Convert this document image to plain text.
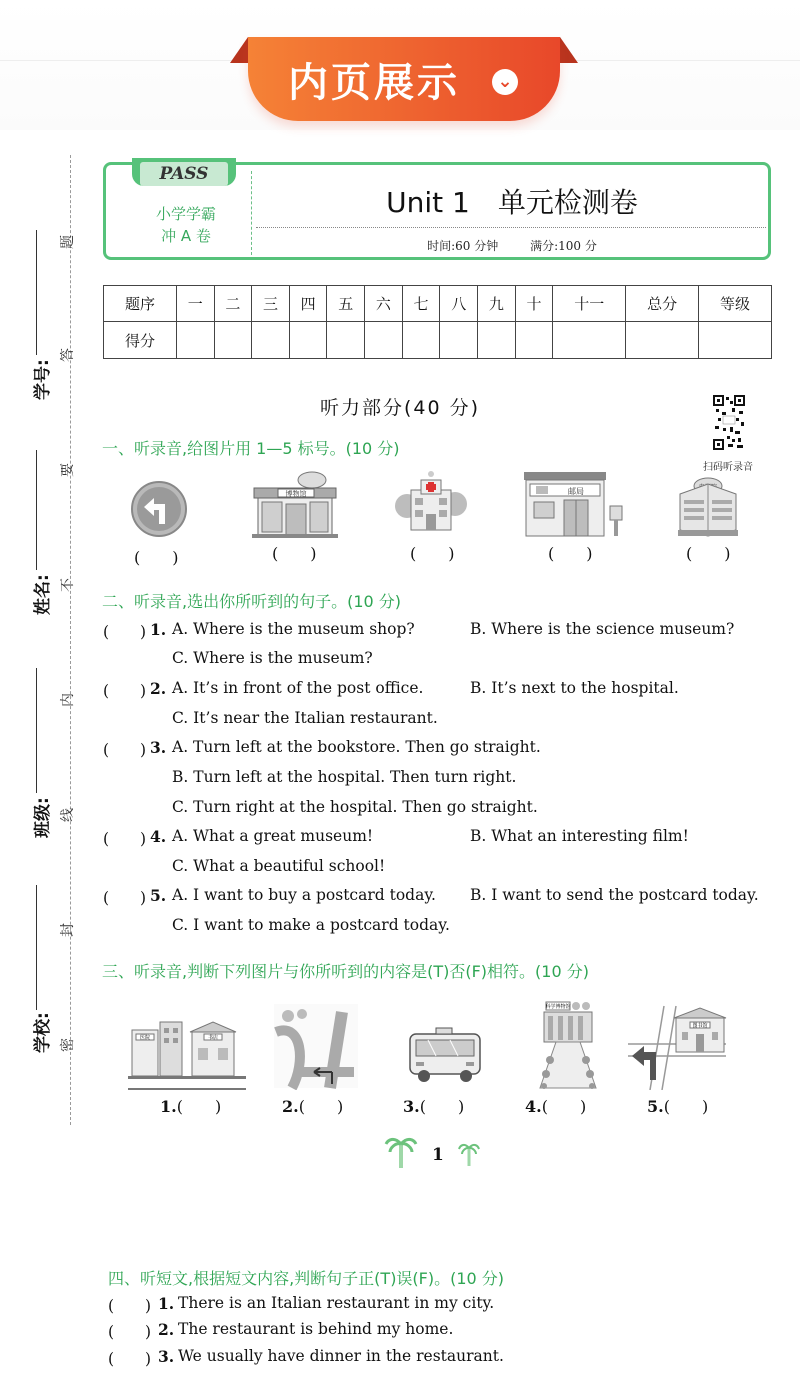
内页展示	⌄
题
答
要
不
内
线
封
密
学号:
姓名:
班级:
学校:
PASS
小学学霸
冲 A 卷
Unit 1　单元检测卷
时间:60 分钟	满分:100 分
题序	一	二	三	四	五	六	七	八	九	十	十一	总分	等级
得分													
听力部分(40 分)
扫码听录音
一、听录音,给图片用 1—5 标号。(10 分)
博物馆	邮局
(　　)	(　　)	(　　)	(　　)	(　　)
二、听录音,选出你所听到的句子。(10 分)
(　　) 1. A. Where is the museum shop?	B. Where is the science museum?
C. Where is the museum?
(　　) 2. A. It’s in front of the post office.	B. It’s next to the hospital.
C. It’s near the Italian restaurant.
(　　) 3. A. Turn left at the bookstore. Then go straight.
B. Turn left at the hospital. Then turn right.
C. Turn right at the hospital. Then go straight.
(　　) 4. A. What a great museum!	B. What an interesting film!
C. What a beautiful school!
(　　) 5. A. I want to buy a postcard today. B. I want to send the postcard today.
C. I want to make a postcard today.
三、听录音,判断下列图片与你所听到的内容是(T)否(F)相符。(10 分)
医院	书店
科学博物馆
图书馆
1.(　　)	2.(　　)	3.(　　)	4.(　　)	5.(　　)
1
四、听短文,根据短文内容,判断句子正(T)误(F)。(10 分)
(　　) 1. There is an Italian restaurant in my city.
(　　) 2. The restaurant is behind my home.
(　　) 3. We usually have dinner in the restaurant.
